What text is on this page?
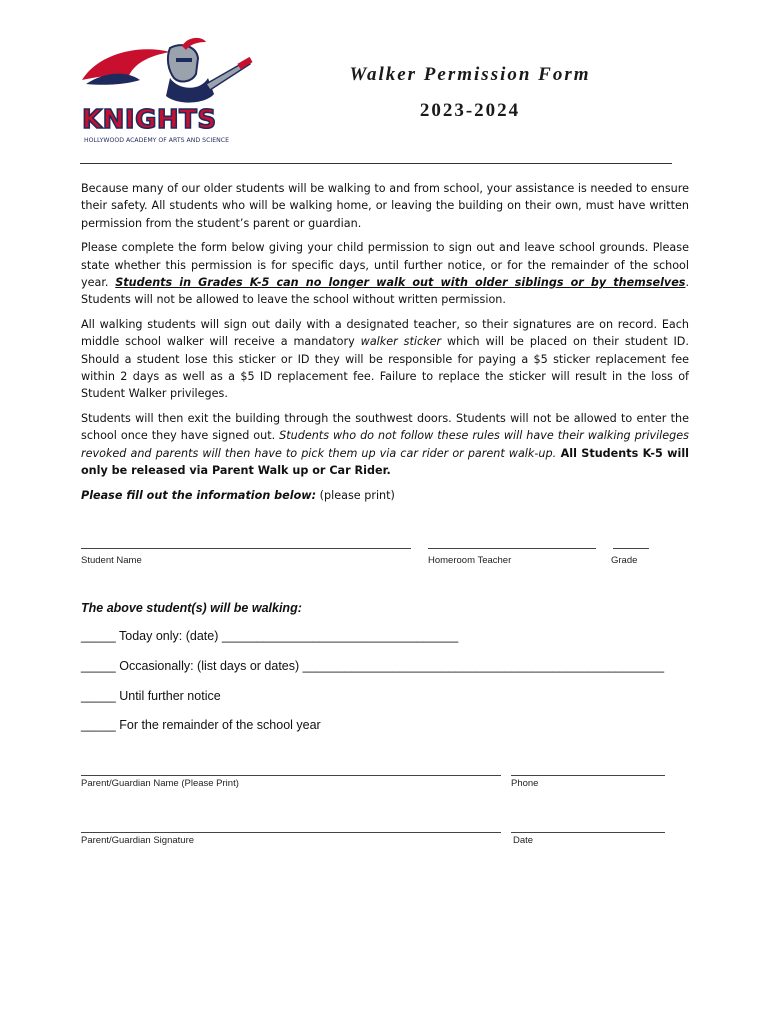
KNIGHTS
HOLLYWOOD ACADEMY OF ARTS AND SCIENCE
Walker Permission Form
2023-2024

Because many of our older students will be walking to and from school, your assistance is needed to ensure their safety. All students who will be walking home, or leaving the building on their own, must have written permission from the student’s parent or guardian.

Please complete the form below giving your child permission to sign out and leave school grounds. Please state whether this permission is for specific days, until further notice, or for the remainder of the school year. Students in Grades K-5 can no longer walk out with older siblings or by themselves. Students will not be allowed to leave the school without written permission.

All walking students will sign out daily with a designated teacher, so their signatures are on record. Each middle school walker will receive a mandatory walker sticker which will be placed on their student ID. Should a student lose this sticker or ID they will be responsible for paying a $5 sticker replacement fee within 2 days as well as a $5 ID replacement fee. Failure to replace the sticker will result in the loss of Student Walker privileges.

Students will then exit the building through the southwest doors. Students will not be allowed to enter the school once they have signed out. Students who do not follow these rules will have their walking privileges revoked and parents will then have to pick them up via car rider or parent walk-up. All Students K-5 will only be released via Parent Walk up or Car Rider.

Please fill out the information below: (please print)

Student Name	Homeroom Teacher	Grade
The above student(s) will be walking:
_____ Today only: (date) __________________________________
_____ Occasionally: (list days or dates) ____________________________________________________
_____ Until further notice
_____ For the remainder of the school year
Parent/Guardian Name (Please Print)	Phone
Parent/Guardian Signature	Date
